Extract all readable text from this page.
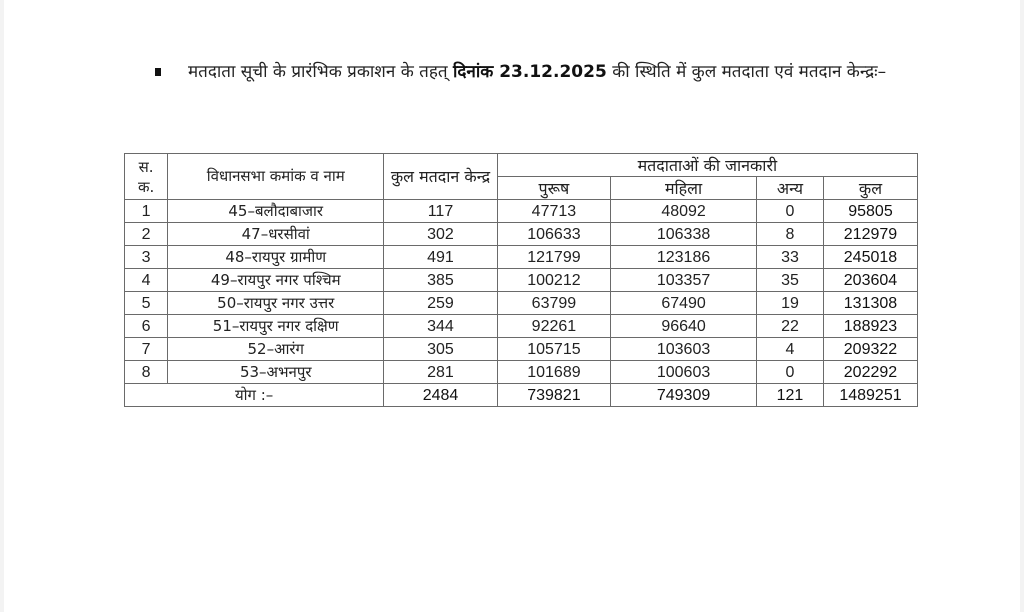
मतदाता सूची के प्रारंभिक प्रकाशन के तहत् दिनांक 23.12.2025 की स्थिति में कुल मतदाता एवं मतदान केन्द्रः–
स. क.	विधानसभा कमांक व नाम	कुल मतदान केन्द्र	मतदाताओं की जानकारी			
			पुरूष	महिला	अन्य	कुल
1	45–बलौदाबाजार	117	47713	48092	0	95805
2	47–धरसीवां	302	106633	106338	8	212979
3	48–रायपुर ग्रामीण	491	121799	123186	33	245018
4	49–रायपुर नगर पश्चिम	385	100212	103357	35	203604
5	50–रायपुर नगर उत्तर	259	63799	67490	19	131308
6	51–रायपुर नगर दक्षिण	344	92261	96640	22	188923
7	52–आरंग	305	105715	103603	4	209322
8	53–अभनपुर	281	101689	100603	0	202292
योग :–		2484	739821	749309	121	1489251
